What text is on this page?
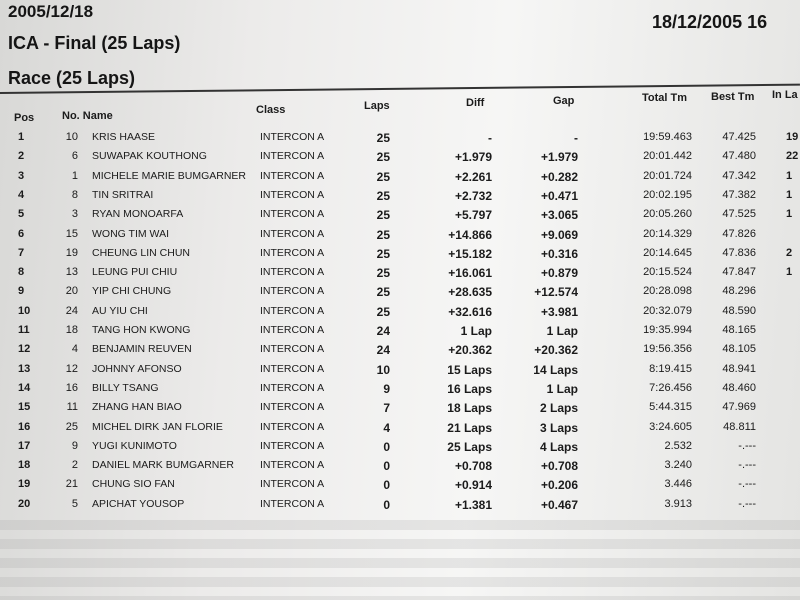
2005/12/18
18/12/2005 16
ICA - Final (25 Laps)
Race (25 Laps)
Pos	No. Name	Class	Laps	Diff	Gap	Total Tm Best Tm In La
1	10 KRIS HAASE	INTERCON A	25	-	-	19:59.463	47.425	19
2	6 SUWAPAK KOUTHONG	INTERCON A	25	+1.979	+1.979	20:01.442	47.480	22
3	1 MICHELE MARIE BUMGARNER	INTERCON A	25	+2.261	+0.282	20:01.724	47.342	1
4	8 TIN SRITRAI	INTERCON A	25	+2.732	+0.471	20:02.195	47.382	1
5	3 RYAN MONOARFA	INTERCON A	25	+5.797	+3.065	20:05.260	47.525	1
6	15 WONG TIM WAI	INTERCON A	25	+14.866	+9.069	20:14.329	47.826
7	19 CHEUNG LIN CHUN	INTERCON A	25	+15.182	+0.316	20:14.645	47.836	2
8	13 LEUNG PUI CHIU	INTERCON A	25	+16.061	+0.879	20:15.524	47.847	1
9	20 YIP CHI CHUNG	INTERCON A	25	+28.635	+12.574	20:28.098	48.296
10	24 AU YIU CHI	INTERCON A	25	+32.616	+3.981	20:32.079	48.590
11	18 TANG HON KWONG	INTERCON A	24	1 Lap	1 Lap	19:35.994	48.165
12	4 BENJAMIN REUVEN	INTERCON A	24	+20.362	+20.362	19:56.356	48.105
13	12 JOHNNY AFONSO	INTERCON A	10	15 Laps	14 Laps	8:19.415	48.941
14	16 BILLY TSANG	INTERCON A	9	16 Laps	1 Lap	7:26.456	48.460
15	11 ZHANG HAN BIAO	INTERCON A	7	18 Laps	2 Laps	5:44.315	47.969
16	25 MICHEL DIRK JAN FLORIE	INTERCON A	4	21 Laps	3 Laps	3:24.605	48.811
17	9 YUGI KUNIMOTO	INTERCON A	0	25 Laps	4 Laps	2.532	-.---
18	2 DANIEL MARK BUMGARNER	INTERCON A	0	+0.708	+0.708	3.240	-.---
19	21 CHUNG SIO FAN	INTERCON A	0	+0.914	+0.206	3.446	-.---
20	5 APICHAT YOUSOP	INTERCON A	0	+1.381	+0.467	3.913	-.---
